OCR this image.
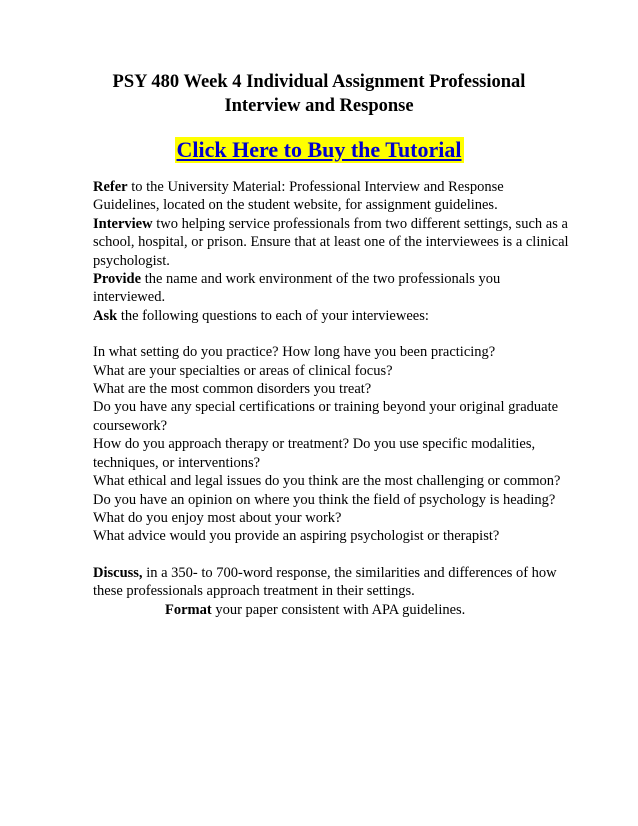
PSY 480 Week 4 Individual Assignment Professional
Interview and Response
Click Here to Buy the Tutorial

Refer to the University Material: Professional Interview and Response Guidelines, located on the student website, for assignment guidelines.

Interview two helping service professionals from two different settings, such as a school, hospital, or prison. Ensure that at least one of the interviewees is a clinical psychologist.

Provide the name and work environment of the two professionals you interviewed.

Ask the following questions to each of your interviewees:

In what setting do you practice? How long have you been practicing?

What are your specialties or areas of clinical focus?

What are the most common disorders you treat?

Do you have any special certifications or training beyond your original graduate coursework?

How do you approach therapy or treatment? Do you use specific modalities, techniques, or interventions?

What ethical and legal issues do you think are the most challenging or common?

Do you have an opinion on where you think the field of psychology is heading?

What do you enjoy most about your work?

What advice would you provide an aspiring psychologist or therapist?

Discuss, in a 350- to 700-word response, the similarities and differences of how these professionals approach treatment in their settings.

Format your paper consistent with APA guidelines.
